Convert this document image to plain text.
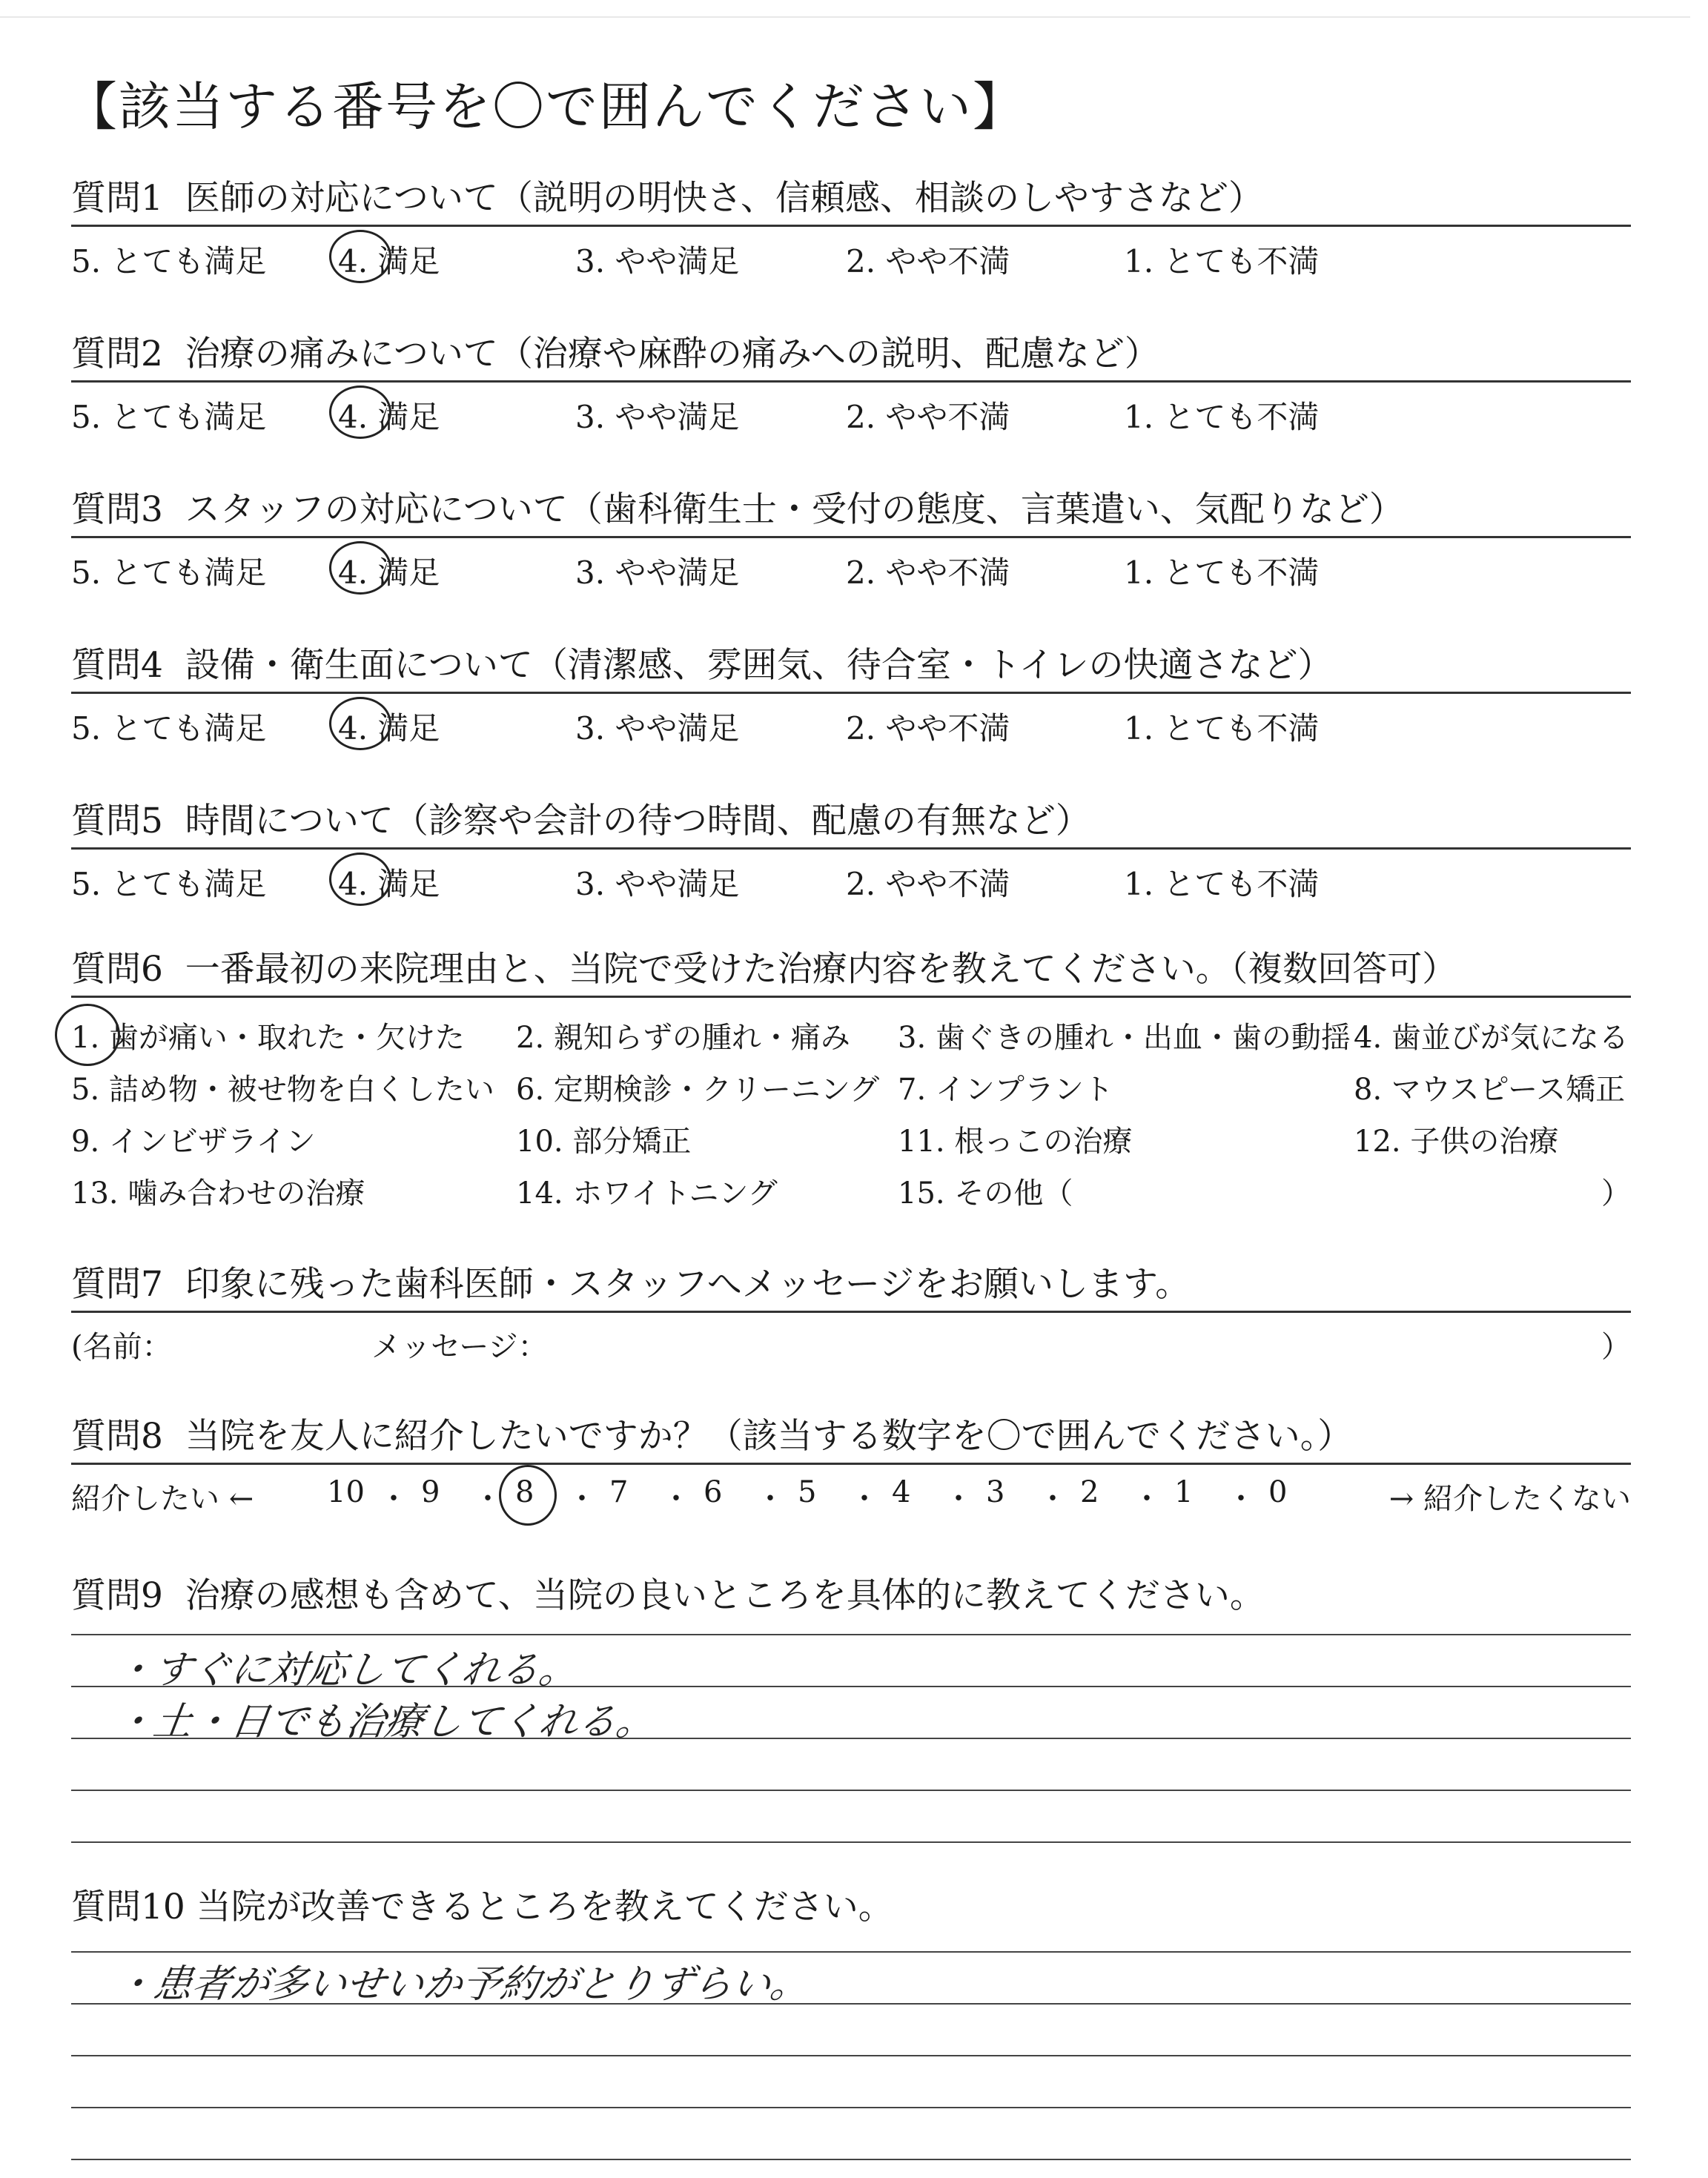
【該当する番号を〇で囲んでください】
質問1 医師の対応について（説明の明快さ、信頼感、相談のしやすさなど）
5. とても満足 4. 満足	3. やや満足	2. やや不満	1. とても不満
質問2 治療の痛みについて（治療や麻酔の痛みへの説明、配慮など）
5. とても満足 4. 満足	3. やや満足	2. やや不満	1. とても不満
質問3 スタッフの対応について（歯科衛生士・受付の態度、言葉遣い、気配りなど）
5. とても満足 4. 満足	3. やや満足	2. やや不満	1. とても不満
質問4 設備・衛生面について（清潔感、雰囲気、待合室・トイレの快適さなど）
5. とても満足 4. 満足	3. やや満足	2. やや不満	1. とても不満
質問5 時間について（診察や会計の待つ時間、配慮の有無など）
5. とても満足 4. 満足	3. やや満足	2. やや不満	1. とても不満
質問6 一番最初の来院理由と、当院で受けた治療内容を教えてください。（複数回答可）
1. 歯が痛い・取れた・欠けた 2. 親知らずの腫れ・痛み 3. 歯ぐきの腫れ・出血・歯の動揺 4. 歯並びが気になる
5. 詰め物・被せ物を白くしたい 6. 定期検診・クリーニング 7. インプラント	8. マウスピース矯正
9. インビザライン	10. 部分矯正	11. 根っこの治療	12. 子供の治療
13. 噛み合わせの治療	14. ホワイトニング	15. その他（	）
質問7 印象に残った歯科医師・スタッフへメッセージをお願いします。
(名前：	メッセージ：	）
質問8 当院を友人に紹介したいですか？（該当する数字を〇で囲んでください。）
紹介したい ←	→ 紹介したくない
10 ・ 9 ・ 8 ・ 7 ・ 6 ・ 5 ・ 4 ・ 3 ・ 2 ・ 1 ・ 0
質問9 治療の感想も含めて、当院の良いところを具体的に教えてください。
・すぐに対応してくれる。
・土・日でも治療してくれる。
質問10 当院が改善できるところを教えてください。
・患者が多いせいか予約がとりずらい。
